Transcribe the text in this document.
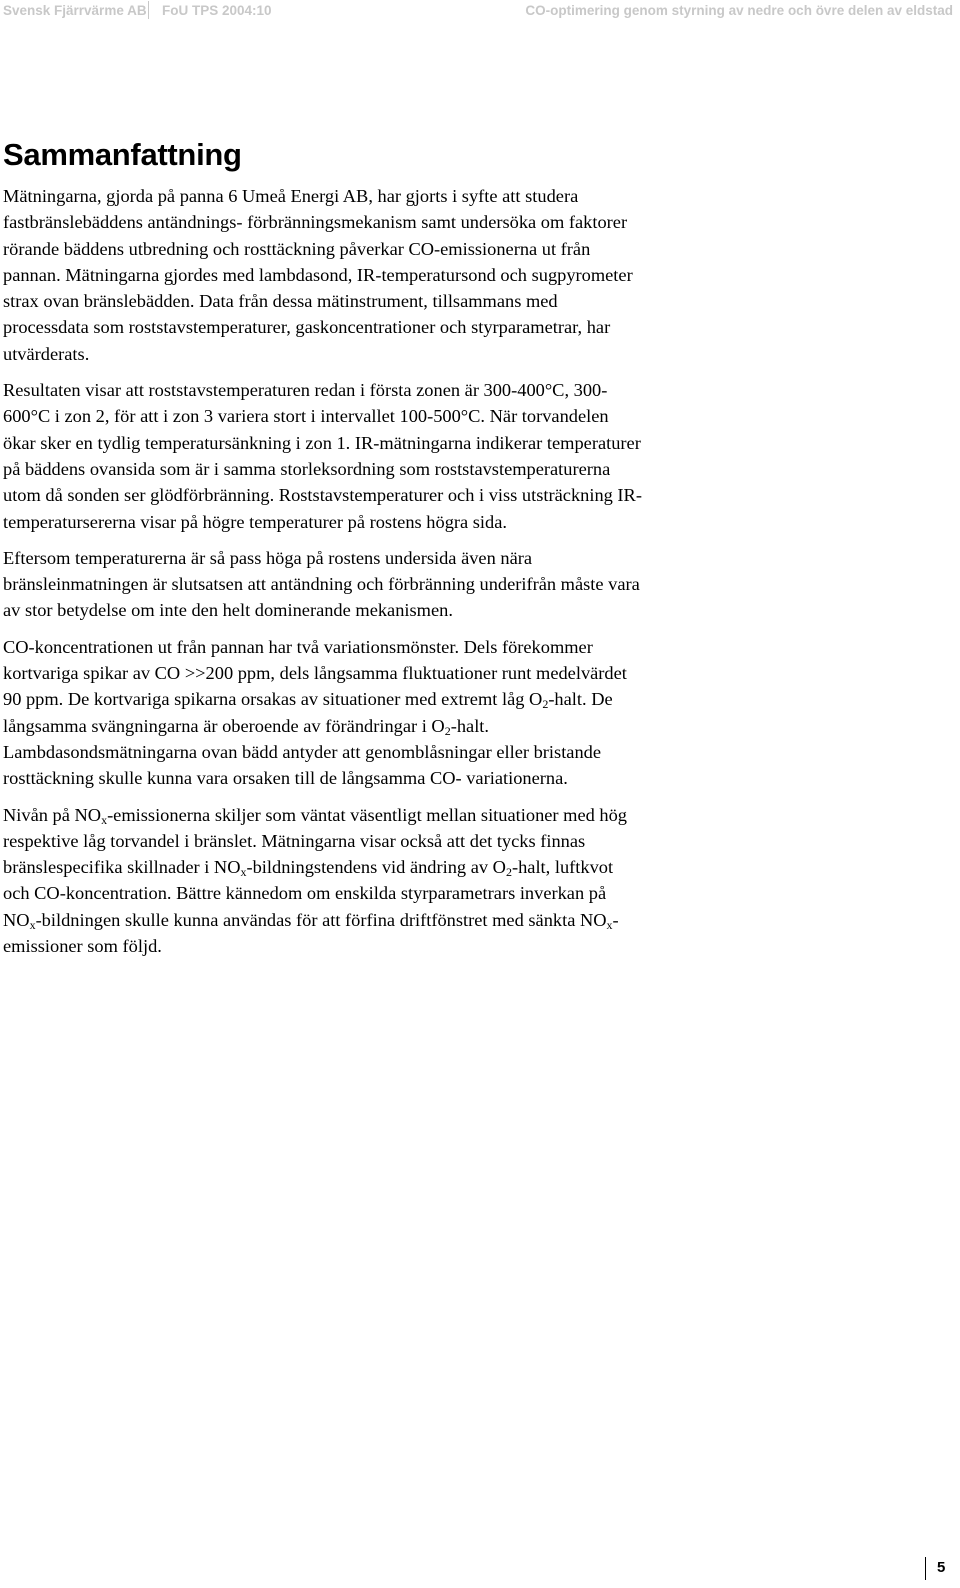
Svensk Fjärrvärme AB FoU TPS 2004:10	CO-optimering genom styrning av nedre och övre delen av eldstad
Sammanfattning

Mätningarna, gjorda på panna 6 Umeå Energi AB, har gjorts i syfte att studera
fastbränslebäddens antändnings- förbränningsmekanism samt undersöka om faktorer
rörande bäddens utbredning och rosttäckning påverkar CO-emissionerna ut från
pannan. Mätningarna gjordes med lambdasond, IR-temperatursond och sugpyrometer
strax ovan bränslebädden. Data från dessa mätinstrument, tillsammans med
processdata som roststavstemperaturer, gaskoncentrationer och styrparametrar, har
utvärderats.

Resultaten visar att roststavstemperaturen redan i första zonen är 300-400°C, 300-
600°C i zon 2, för att i zon 3 variera stort i intervallet 100-500°C. När torvandelen
ökar sker en tydlig temperatursänkning i zon 1. IR-mätningarna indikerar temperaturer
på bäddens ovansida som är i samma storleksordning som roststavstemperaturerna
utom då sonden ser glödförbränning. Roststavstemperaturer och i viss utsträckning IR-
temperatursererna visar på högre temperaturer på rostens högra sida.

Eftersom temperaturerna är så pass höga på rostens undersida även nära
bränsleinmatningen är slutsatsen att antändning och förbränning underifrån måste vara
av stor betydelse om inte den helt dominerande mekanismen.

CO-koncentrationen ut från pannan har två variationsmönster. Dels förekommer
kortvariga spikar av CO >>200 ppm, dels långsamma fluktuationer runt medelvärdet
90 ppm. De kortvariga spikarna orsakas av situationer med extremt låg $O_2$-halt. De
långsamma svängningarna är oberoende av förändringar i $O_2$-halt.
Lambdasondsmätningarna ovan bädd antyder att genomblåsningar eller bristande
rosttäckning skulle kunna vara orsaken till de långsamma CO- variationerna.

Nivån på $NO_x$-emissionerna skiljer som väntat väsentligt mellan situationer med hög
respektive låg torvandel i bränslet. Mätningarna visar också att det tycks finnas
bränslespecifika skillnader i $NO_x$-bildningstendens vid ändring av $O_2$-halt, luftkvot
och CO-koncentration. Bättre kännedom om enskilda styrparametrars inverkan på
$NO_x$-bildningen skulle kunna användas för att förfina driftfönstret med sänkta $NO_x-$
emissioner som följd.

5
